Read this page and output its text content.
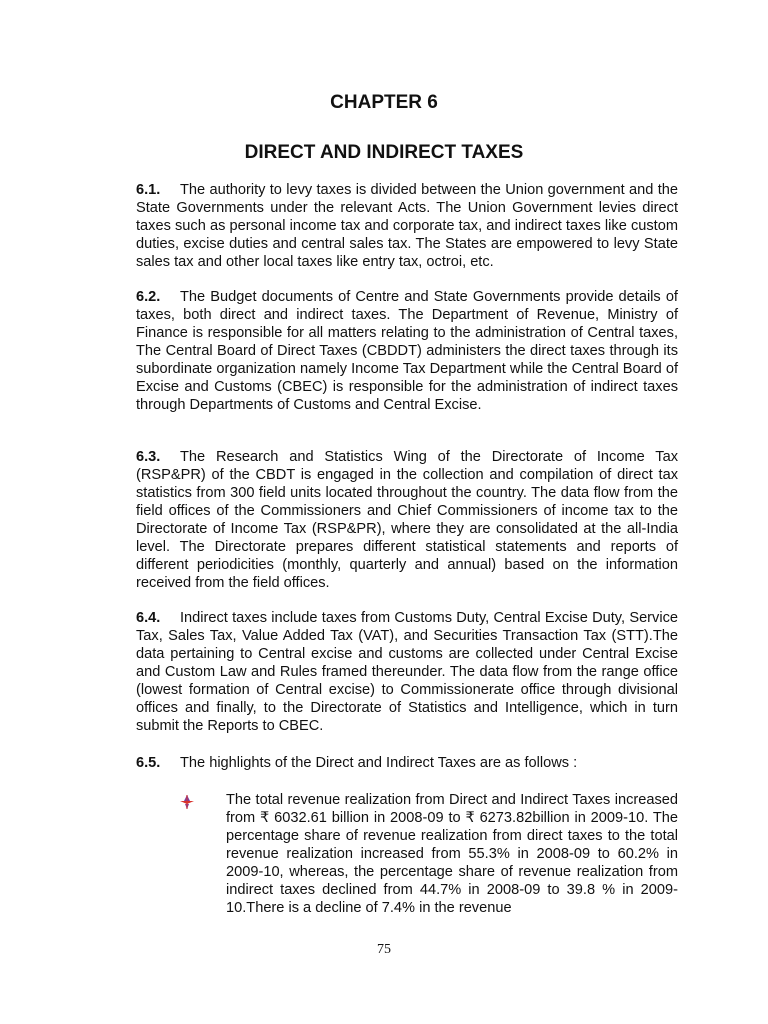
CHAPTER 6
DIRECT AND INDIRECT TAXES

6.1. The authority to levy taxes is divided between the Union government and the State Governments under the relevant Acts. The Union Government levies direct taxes such as personal income tax and corporate tax, and indirect taxes like custom duties, excise duties and central sales tax. The States are empowered to levy State sales tax and other local taxes like entry tax, octroi, etc.

6.2. The Budget documents of Centre and State Governments provide details of taxes, both direct and indirect taxes. The Department of Revenue, Ministry of Finance is responsible for all matters relating to the administration of Central taxes, The Central Board of Direct Taxes (CBDDT) administers the direct taxes through its subordinate organization namely Income Tax Department while the Central Board of Excise and Customs (CBEC) is responsible for the administration of indirect taxes through Departments of Customs and Central Excise.

6.3. The Research and Statistics Wing of the Directorate of Income Tax (RSP&PR) of the CBDT is engaged in the collection and compilation of direct tax statistics from 300 field units located throughout the country. The data flow from the field offices of the Commissioners and Chief Commissioners of income tax to the Directorate of Income Tax (RSP&PR), where they are consolidated at the all-India level. The Directorate prepares different statistical statements and reports of different periodicities (monthly, quarterly and annual) based on the information received from the field offices.

6.4. Indirect taxes include taxes from Customs Duty, Central Excise Duty, Service Tax, Sales Tax, Value Added Tax (VAT), and Securities Transaction Tax (STT).The data pertaining to Central excise and customs are collected under Central Excise and Custom Law and Rules framed thereunder. The data flow from the range office (lowest formation of Central excise) to Commissionerate office through divisional offices and finally, to the Directorate of Statistics and Intelligence, which in turn submit the Reports to CBEC.

6.5. The highlights of the Direct and Indirect Taxes are as follows :

The total revenue realization from Direct and Indirect Taxes increased from ₹ 6032.61 billion in 2008-09 to ₹ 6273.82billion in 2009-10. The percentage share of revenue realization from direct taxes to the total revenue realization increased from 55.3% in 2008-09 to 60.2% in 2009-10, whereas, the percentage share of revenue realization from indirect taxes declined from 44.7% in 2008-09 to 39.8 % in 2009-10.There is a decline of 7.4% in the revenue

75
